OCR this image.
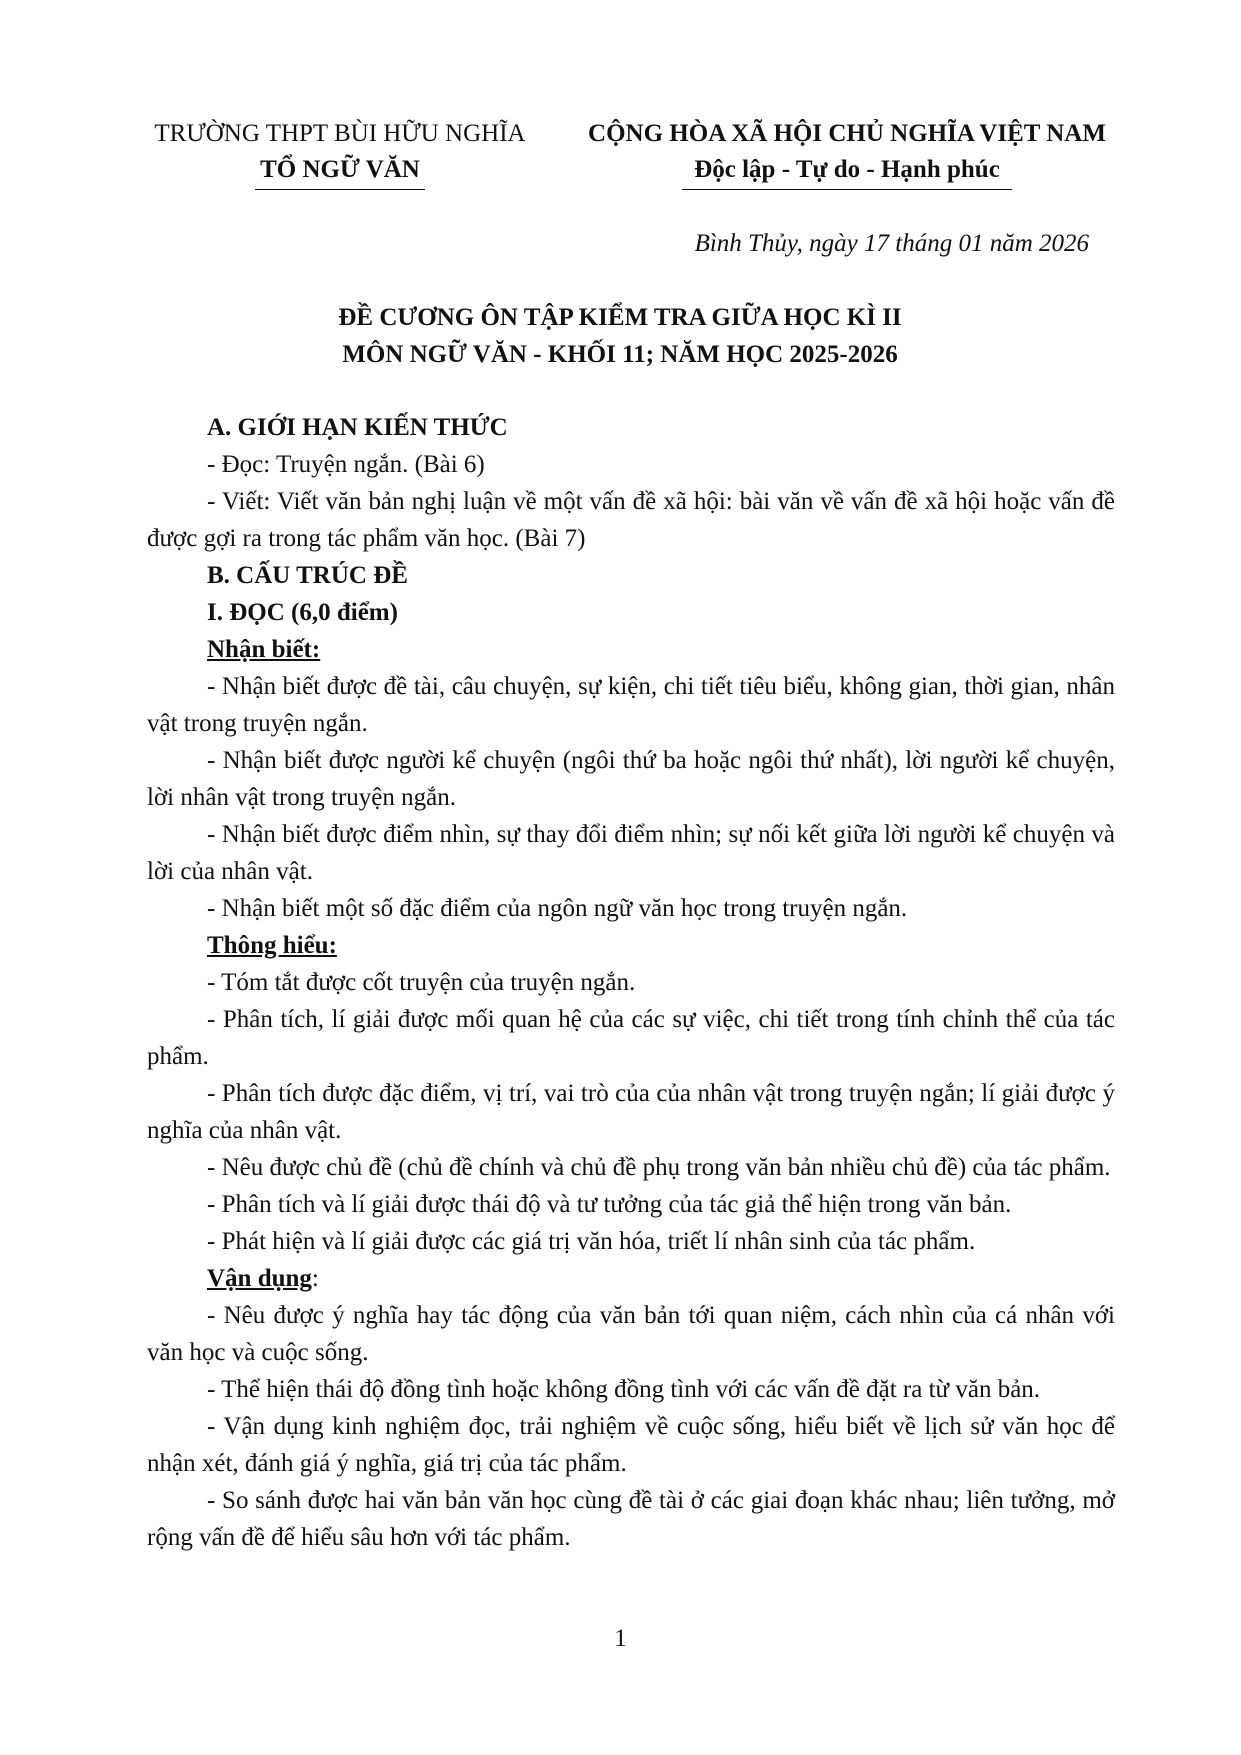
TRƯỜNG THPT BÙI HỮU NGHĨA
TỔ NGỮ VĂN
CỘNG HÒA XÃ HỘI CHỦ NGHĨA VIỆT NAM
Độc lập - Tự do - Hạnh phúc
Bình Thủy, ngày 17 tháng 01 năm 2026
ĐỀ CƯƠNG ÔN TẬP KIỂM TRA GIỮA HỌC KÌ II
MÔN NGỮ VĂN - KHỐI 11; NĂM HỌC 2025-2026

A. GIỚI HẠN KIẾN THỨC

- Đọc: Truyện ngắn. (Bài 6)

- Viết: Viết văn bản nghị luận về một vấn đề xã hội: bài văn về vấn đề xã hội hoặc vấn đề được gợi ra trong tác phẩm văn học. (Bài 7)

B. CẤU TRÚC ĐỀ

I. ĐỌC (6,0 điểm)

Nhận biết:

- Nhận biết được đề tài, câu chuyện, sự kiện, chi tiết tiêu biểu, không gian, thời gian, nhân vật trong truyện ngắn.

- Nhận biết được người kể chuyện (ngôi thứ ba hoặc ngôi thứ nhất), lời người kể chuyện, lời nhân vật trong truyện ngắn.

- Nhận biết được điểm nhìn, sự thay đổi điểm nhìn; sự nối kết giữa lời người kể chuyện và lời của nhân vật.

- Nhận biết một số đặc điểm của ngôn ngữ văn học trong truyện ngắn.

Thông hiểu:

- Tóm tắt được cốt truyện của truyện ngắn.

- Phân tích, lí giải được mối quan hệ của các sự việc, chi tiết trong tính chỉnh thể của tác phẩm.

- Phân tích được đặc điểm, vị trí, vai trò của của nhân vật trong truyện ngắn; lí giải được ý nghĩa của nhân vật.

- Nêu được chủ đề (chủ đề chính và chủ đề phụ trong văn bản nhiều chủ đề) của tác phẩm.

- Phân tích và lí giải được thái độ và tư tưởng của tác giả thể hiện trong văn bản.

- Phát hiện và lí giải được các giá trị văn hóa, triết lí nhân sinh của tác phẩm.

Vận dụng:

- Nêu được ý nghĩa hay tác động của văn bản tới quan niệm, cách nhìn của cá nhân với văn học và cuộc sống.

- Thể hiện thái độ đồng tình hoặc không đồng tình với các vấn đề đặt ra từ văn bản.

- Vận dụng kinh nghiệm đọc, trải nghiệm về cuộc sống, hiểu biết về lịch sử văn học để nhận xét, đánh giá ý nghĩa, giá trị của tác phẩm.

- So sánh được hai văn bản văn học cùng đề tài ở các giai đoạn khác nhau; liên tưởng, mở rộng vấn đề để hiểu sâu hơn với tác phẩm.

1
